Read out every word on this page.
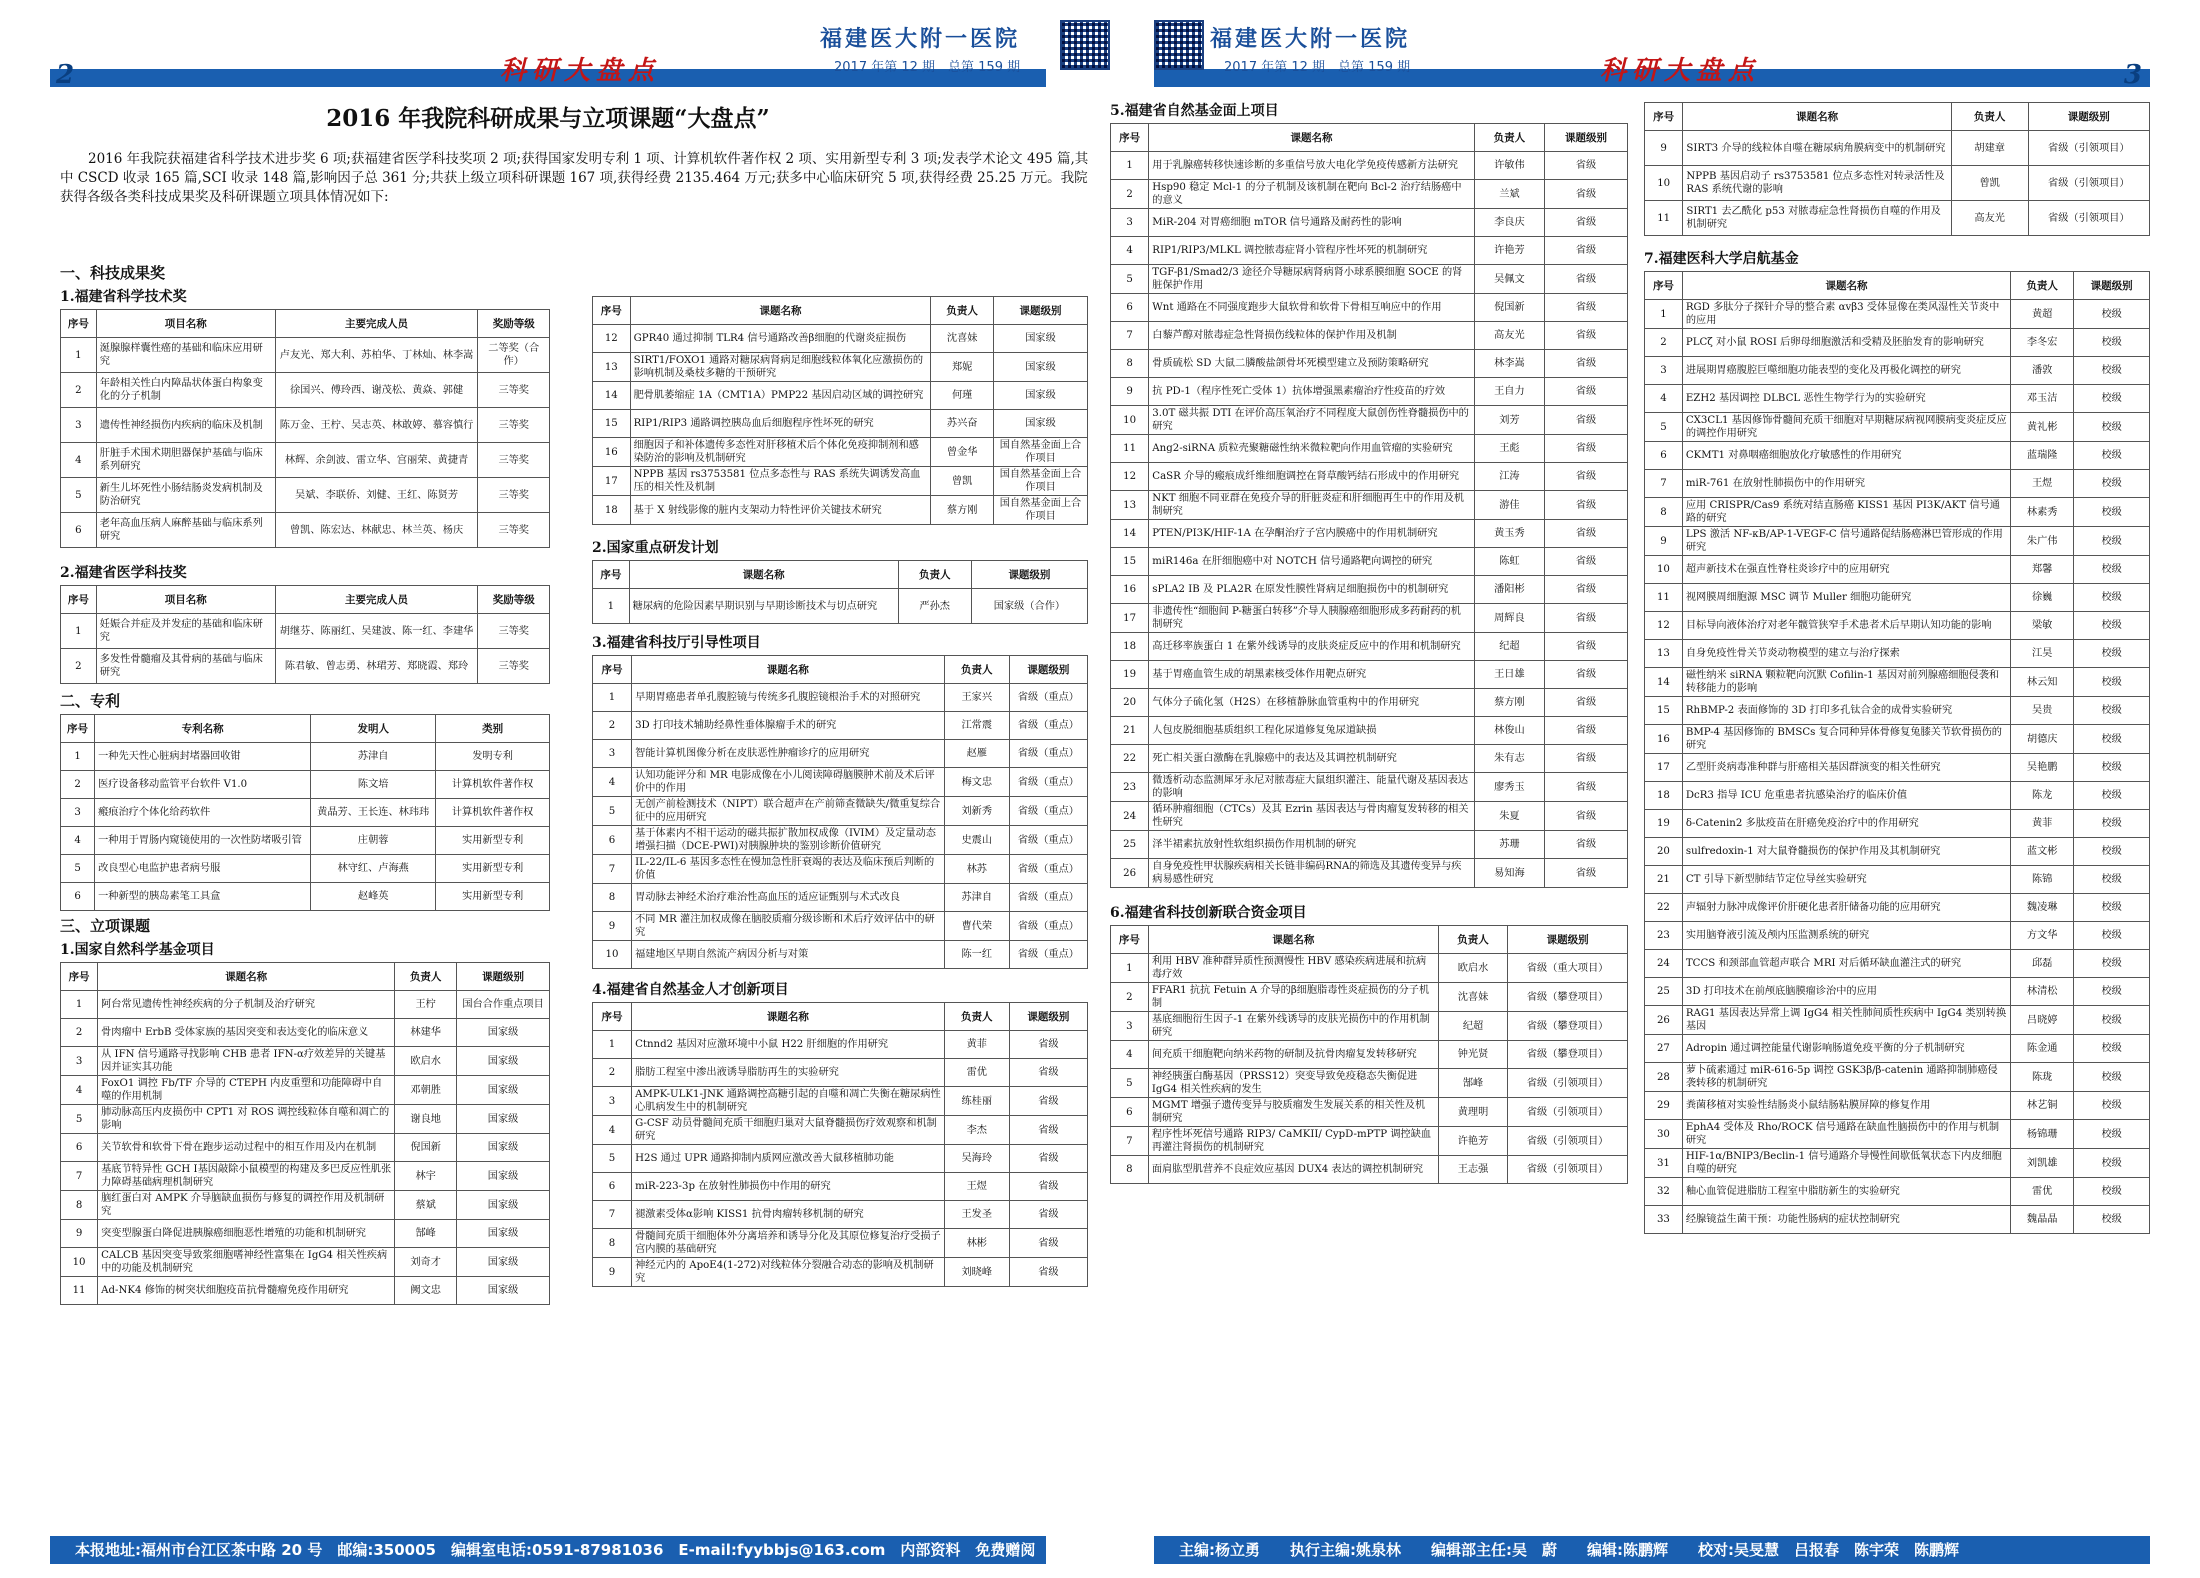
2	科研大盘点
福建医大附一医院
2017 年第 12 期　总第 159 期
2016 年我院科研成果与立项课题“大盘点”
2016 年我院获福建省科学技术进步奖 6 项;获福建省医学科技奖项 2 项;获得国家发明专利 1 项、计算机软件著作权 2 项、实用新型专利 3 项;发表学术论文 495 篇,其中 CSCD 收录 165 篇,SCI 收录 148 篇,影响因子总 361 分;共获上级立项科研课题 167 项,获得经费 2135.464 万元;获多中心临床研究 5 项,获得经费 25.25 万元。我院获得各级各类科技成果奖及科研课题立项具体情况如下:
一、科技成果奖
1.福建省科学技术奖
序号	项目名称	主要完成人员	奖励等级
1	涎腺腺样囊性癌的基础和临床应用研究	卢友光、郑大利、苏柏华、丁林灿、林李嵩	二等奖（合作）
2	年龄相关性白内障晶状体蛋白构象变化的分子机制	徐国兴、傅玲西、谢茂松、黄焱、郭健	三等奖
3	遗传性神经损伤内疾病的临床及机制	陈万金、王柠、吴志英、林敢婷、慕容慎行	三等奖
4	肝脏手术围术期胆器保护基础与临床系列研究	林辉、余剑波、雷立华、宫丽荣、黄捷青	三等奖
5	新生儿坏死性小肠结肠炎发病机制及防治研究	吴斌、李联侨、刘健、王红、陈贤芳	三等奖
6	老年高血压病人麻醉基础与临床系列研究	曾凯、陈宏达、林献忠、林兰英、杨庆	三等奖
2.福建省医学科技奖
序号	项目名称	主要完成人员	奖励等级
1	妊娠合并症及并发症的基础和临床研究	胡继芬、陈丽红、吴建波、陈一红、李建华	三等奖
2	多发性骨髓瘤及其骨病的基础与临床研究	陈君敏、曾志勇、林珺芳、郑晓霞、郑玲	三等奖
二、专利
序号	专利名称	发明人	类别
1	一种先天性心脏病封堵器回收钳	苏津自	发明专利
2	医疗设备移动监管平台软件 V1.0	陈文培	计算机软件著作权
3	瘢痕治疗个体化给药软件	黄晶芳、王长连、林玮玮	计算机软件著作权
4	一种用于胃肠内窥镜使用的一次性防堵吸引管	庄朝蓉	实用新型专利
5	改良型心电监护患者病号服	林守红、卢海燕	实用新型专利
6	一种新型的胰岛素笔工具盒	赵峰英	实用新型专利
三、立项课题
1.国家自然科学基金项目
序号	课题名称	负责人	课题级别
1	阿台常见遗传性神经疾病的分子机制及治疗研究	王柠	国台合作重点项目
2	骨肉瘤中 ErbB 受体家族的基因突变和表达变化的临床意义	林建华	国家级
3	从 IFN 信号通路寻找影响 CHB 患者 IFN-α疗效差异的关键基因并证实其功能	欧启水	国家级
4	FoxO1 调控 Fb/TF 介导的 CTEPH 内皮重塑和功能障碍中自噬的作用机制	邓朝胜	国家级
5	肺动脉高压内皮损伤中 CPT1 对 ROS 调控线粒体自噬和凋亡的影响	谢良地	国家级
6	关节软骨和软骨下骨在跑步运动过程中的相互作用及内在机制	倪国新	国家级
7	基底节特异性 GCH Ⅰ基因敲除小鼠模型的构建及多巴反应性肌张力障碍基础病理机制研究	林宇	国家级
8	脑红蛋白对 AMPK 介导脑缺血损伤与修复的调控作用及机制研究	蔡斌	国家级
9	突变型腺蛋白降促进胰腺癌细胞恶性增殖的功能和机制研究	郜峰	国家级
10	CALCB 基因突变导致浆细胞嗜神经性富集在 IgG4 相关性疾病中的功能及机制研究	刘奇才	国家级
11	Ad-NK4 修饰的树突状细胞疫苗抗骨髓瘤免疫作用研究	阙文忠	国家级
序号	课题名称	负责人	课题级别
12	GPR40 通过抑制 TLR4 信号通路改善β细胞的代谢炎症损伤	沈喜妹	国家级
13	SIRT1/FOXO1 通路对糖尿病肾病足细胞线粒体氧化应激损伤的影响机制及桑枝多糖的干预研究	郑妮	国家级
14	肥骨肌萎缩症 1A（CMT1A）PMP22 基因启动区域的调控研究	何瑾	国家级
15	RIP1/RIP3 通路调控胰岛血后细胞程序性坏死的研究	苏兴奋	国家级
16	细胞因子和补体遗传多态性对肝移植术后个体化免疫抑制剂和感染防治的影响及机制研究	曾金华	国自然基金面上合作项目
17	NPPB 基因 rs3753581 位点多态性与 RAS 系统失调诱发高血压的相关性及机制	曾凯	国自然基金面上合作项目
18	基于 X 射线影像的脏内支架动力特性评价关键技术研究	蔡方刚	国自然基金面上合作项目
2.国家重点研发计划
序号	课题名称	负责人	课题级别
1	糖尿病的危险因素早期识别与早期诊断技术与切点研究	严孙杰	国家级（合作）
3.福建省科技厅引导性项目
序号	课题名称	负责人	课题级别
1	早期胃癌患者单孔腹腔镜与传统多孔腹腔镜根治手术的对照研究	王家兴	省级（重点）
2	3D 打印技术辅助经鼻性垂体腺瘤手术的研究	江常震	省级（重点）
3	智能计算机图像分析在皮肤恶性肿瘤诊疗的应用研究	赵雁	省级（重点）
4	认知功能评分和 MR 电影成像在小儿阅读障碍脑膜肿术前及术后评价中的作用	梅文忠	省级（重点）
5	无创产前检测技术（NIPT）联合超声在产前筛查微缺失/微重复综合征中的应用研究	刘新秀	省级（重点）
6	基于体素内不相干运动的磁共振扩散加权成像（IVIM）及定量动态增强扫描（DCE-PWI)对胰腺肿块的鉴别诊断价值研究	史震山	省级（重点）
7	IL-22/IL-6 基因多态性在慢加急性肝衰竭的表达及临床预后判断的价值	林苏	省级（重点）
8	胃动脉去神经术治疗难治性高血压的适应证甄别与术式改良	苏津自	省级（重点）
9	不同 MR 灌注加权成像在脑胶质瘤分级诊断和术后疗效评估中的研究	曹代荣	省级（重点）
10	福建地区早期自然流产病因分析与对策	陈一红	省级（重点）
4.福建省自然基金人才创新项目
序号	课题名称	负责人	课题级别
1	Ctnnd2 基因对应激环境中小鼠 H22 肝细胞的作用研究	黄菲	省级
2	脂肪工程室中渗出液诱导脂肪再生的实验研究	雷优	省级
3	AMPK-ULK1-JNK 通路调控高糖引起的自噬和凋亡失衡在糖尿病性心肌病发生中的机制研究	练桂丽	省级
4	G-CSF 动员骨髓间充质干细胞归巢对大鼠脊髓损伤疗效观察和机制研究	李杰	省级
5	H2S 通过 UPR 通路抑制内质网应激改善大鼠移植肺功能	吴海玲	省级
6	miR-223-3p 在放射性肺损伤中作用的研究	王煜	省级
7	褪激素受体α影响 KISS1 抗骨肉瘤转移机制的研究	王发圣	省级
8	骨髓间充质干细胞体外分离培养和诱导分化及其原位修复治疗受损子宫内膜的基础研究	林彬	省级
9	神经元内的 ApoE4(1-272)对线粒体分裂融合动态的影响及机制研究	刘晓峰	省级
本报地址:福州市台江区茶中路 20 号　邮编:350005　编辑室电话:0591-87981036　E-mail:fyybbjs@163.com　内部资料　免费赠阅
福建医大附一医院
2017 年第 12 期　总第 159 期	科研大盘点	3
5.福建省自然基金面上项目
序号	课题名称	负责人	课题级别
1	用于乳腺癌转移快速诊断的多重信号放大电化学免疫传感新方法研究	许敏伟	省级
2	Hsp90 稳定 Mcl-1 的分子机制及该机制在靶向 Bcl-2 治疗结肠癌中的意义	兰斌	省级
3	MiR-204 对胃癌细胞 mTOR 信号通路及耐药性的影响	李良庆	省级
4	RIP1/RIP3/MLKL 调控脓毒症肾小管程序性坏死的机制研究	许艳芳	省级
5	TGF-β1/Smad2/3 途径介导糖尿病肾病肾小球系膜细胞 SOCE 的肾脏保护作用	吴佩文	省级
6	Wnt 通路在不同强度跑步大鼠软骨和软骨下骨相互响应中的作用	倪国新	省级
7	白藜芦醇对脓毒症急性肾损伤线粒体的保护作用及机制	高友光	省级
8	骨质硫松 SD 大鼠二膦酸盐颌骨坏死模型建立及预防策略研究	林李嵩	省级
9	抗 PD-1（程序性死亡受体 1）抗体增强黑素瘤治疗性疫苗的疗效	王自力	省级
10	3.0T 磁共振 DTI 在评价高压氧治疗不同程度大鼠创伤性脊髓损伤中的研究	刘芳	省级
11	Ang2-siRNA 质粒壳聚糖磁性纳米微粒靶向作用血管瘤的实验研究	王彪	省级
12	CaSR 介导的瘢痕成纤维细胞调控在肾草酸钙结石形成中的作用研究	江涛	省级
13	NKT 细胞不同亚群在免疫介导的肝脏炎症和肝细胞再生中的作用及机制研究	游佳	省级
14	PTEN/PI3K/HIF-1A 在孕酮治疗子宫内膜癌中的作用机制研究	黄玉秀	省级
15	miR146a 在肝细胞癌中对 NOTCH 信号通路靶向调控的研究	陈虹	省级
16	sPLA2 IB 及 PLA2R 在原发性膜性肾病足细胞损伤中的机制研究	潘阳彬	省级
17	非遗传性“细胞间 P-糖蛋白转移”介导人胰腺癌细胞形成多药耐药的机制研究	周辉良	省级
18	高迁移率族蛋白 1 在紫外线诱导的皮肤炎症反应中的作用和机制研究	纪超	省级
19	基于胃癌血管生成的胡黑素核受体作用靶点研究	王日雄	省级
20	气体分子硫化氢（H2S）在移植静脉血管重构中的作用研究	蔡方刚	省级
21	人包皮脱细胞基质组织工程化尿道修复兔尿道缺损	林俊山	省级
22	死亡相关蛋白激酶在乳腺癌中的表达及其调控机制研究	朱有志	省级
23	微透析动态监测犀牙永尼对脓毒症大鼠组织灌注、能量代谢及基因表达的影响	廖秀玉	省级
24	循环肿瘤细胞（CTCs）及其 Ezrin 基因表达与骨肉瘤复发转移的相关性研究	朱夏	省级
25	泽半裙素抗放射性软组织损伤作用机制的研究	苏珊	省级
26	自身免疫性甲状腺疾病相关长链非编码RNA的筛选及其遗传变异与疾病易感性研究	易知海	省级
6.福建省科技创新联合资金项目
序号	课题名称	负责人	课题级别
1	利用 HBV 准种群异质性预测慢性 HBV 感染疾病进展和抗病毒疗效	欧启水	省级（重大项目）
2	FFAR1 抗抗 Fetuin A 介导的β细胞脂毒性炎症损伤的分子机制	沈喜妹	省级（攀登项目）
3	基底细胞衍生因子-1 在紫外线诱导的皮肤光损伤中的作用机制研究	纪超	省级（攀登项目）
4	间充质干细胞靶向纳米药物的研制及抗骨肉瘤复发转移研究	钟光贤	省级（攀登项目）
5	神经胰蛋白酶基因（PRSS12）突变导致免疫稳态失衡促进 IgG4 相关性疾病的发生	郜峰	省级（引领项目）
6	MGMT 增强子遗传变异与胶质瘤发生发展关系的相关性及机制研究	黄理明	省级（引领项目）
7	程序性坏死信号通路 RIP3/ CaMKII/ CypD-mPTP 调控缺血再灌注肾损伤的机制研究	许艳芳	省级（引领项目）
8	面肩肱型肌营养不良症效应基因 DUX4 表达的调控机制研究	王志强	省级（引领项目）
序号	课题名称	负责人	课题级别
9	SIRT3 介导的线粒体自噬在糖尿病角膜病变中的机制研究	胡建章	省级（引领项目）
10	NPPB 基因启动子 rs3753581 位点多态性对转录活性及 RAS 系统代谢的影响	曾凯	省级（引领项目）
11	SIRT1 去乙酰化 p53 对脓毒症急性肾损伤自噬的作用及机制研究	高友光	省级（引领项目）
7.福建医科大学启航基金
序号	课题名称	负责人	课题级别
1	RGD 多肽分子探针介导的整合素 αvβ3 受体显像在类风湿性关节炎中的应用	黄超	校级
2	PLCζ 对小鼠 ROSI 后卵母细胞激活和受精及胚胎发育的影响研究	李冬宏	校级
3	进展期胃癌腹腔巨噬细胞功能表型的变化及再极化调控的研究	潘敦	校级
4	EZH2 基因调控 DLBCL 恶性生物学行为的实验研究	邓玉洁	校级
5	CX3CL1 基因修饰骨髓间充质干细胞对早期糖尿病视网膜病变炎症反应的调控作用研究	黄礼彬	校级
6	CKMT1 对鼻咽癌细胞放化疗敏感性的作用研究	蓝瑞隆	校级
7	miR-761 在放射性肺损伤中的作用研究	王煜	校级
8	应用 CRISPR/Cas9 系统对结直肠癌 KISS1 基因 PI3K/AKT 信号通路的研究	林素秀	校级
9	LPS 激活 NF-κB/AP-1-VEGF-C 信号通路促结肠癌淋巴管形成的作用研究	朱广伟	校级
10	超声新技术在强直性脊柱炎诊疗中的应用研究	郑馨	校级
11	视网膜周细胞源 MSC 调节 Muller 细胞功能研究	徐巍	校级
12	目标导向液体治疗对老年髋管狭窄手术患者术后早期认知功能的影响	梁敏	校级
13	自身免疫性骨关节炎动物模型的建立与治疗探索	江昊	校级
14	磁性纳米 siRNA 颗粒靶向沉默 Cofilin-1 基因对前列腺癌细胞侵袭和转移能力的影响	林云知	校级
15	RhBMP-2 表面修饰的 3D 打印多孔钛合金的成骨实验研究	吴贵	校级
16	BMP-4 基因修饰的 BMSCs 复合同种异体骨修复兔膝关节软骨损伤的研究	胡德庆	校级
17	乙型肝炎病毒准种群与肝癌相关基因群演变的相关性研究	吴艳鹏	校级
18	DcR3 指导 ICU 危重患者抗感染治疗的临床价值	陈龙	校级
19	δ-Catenin2 多肽疫苗在肝癌免疫治疗中的作用研究	黄菲	校级
20	sulfredoxin-1 对大鼠脊髓损伤的保护作用及其机制研究	蓝文彬	校级
21	CT 引导下新型肺结节定位导丝实验研究	陈锦	校级
22	声辐射力脉冲成像评价肝硬化患者肝储备功能的应用研究	魏凌琳	校级
23	实用脑脊液引流及颅内压监测系统的研究	方文华	校级
24	TCCS 和颈部血管超声联合 MRI 对后循环缺血灌注式的研究	邱磊	校级
25	3D 打印技术在前颅底脑膜瘤诊治中的应用	林清松	校级
26	RAG1 基因表达异常上调 IgG4 相关性肺间质性疾病中 IgG4 类别转换基因	吕晓婷	校级
27	Adropin 通过调控能量代谢影响肠道免疫平衡的分子机制研究	陈金通	校级
28	萝卜硫素通过 miR-616-5p 调控 GSK3β/β-catenin 通路抑制肺癌侵袭转移的机制研究	陈珑	校级
29	粪菌移植对实验性结肠炎小鼠结肠粘膜屏障的修复作用	林艺铜	校级
30	EphA4 受体及 Rho/ROCK 信号通路在缺血性脑损伤中的作用与机制研究	杨锦珊	校级
31	HIF-1α/BNIP3/Beclin-1 信号通路介导慢性间歇低氧状态下内皮细胞自噬的研究	刘凯雄	校级
32	釉心血管促进脂肪工程室中脂肪新生的实验研究	雷优	校级
33	经腺镜益生菌干预：功能性肠病的症状控制研究	魏晶晶	校级
主编:杨立勇　　执行主编:姚泉林　　编辑部主任:吴　蔚　　编辑:陈鹏辉　　校对:吴旻慧　吕报春　陈宇荣　陈鹏辉
